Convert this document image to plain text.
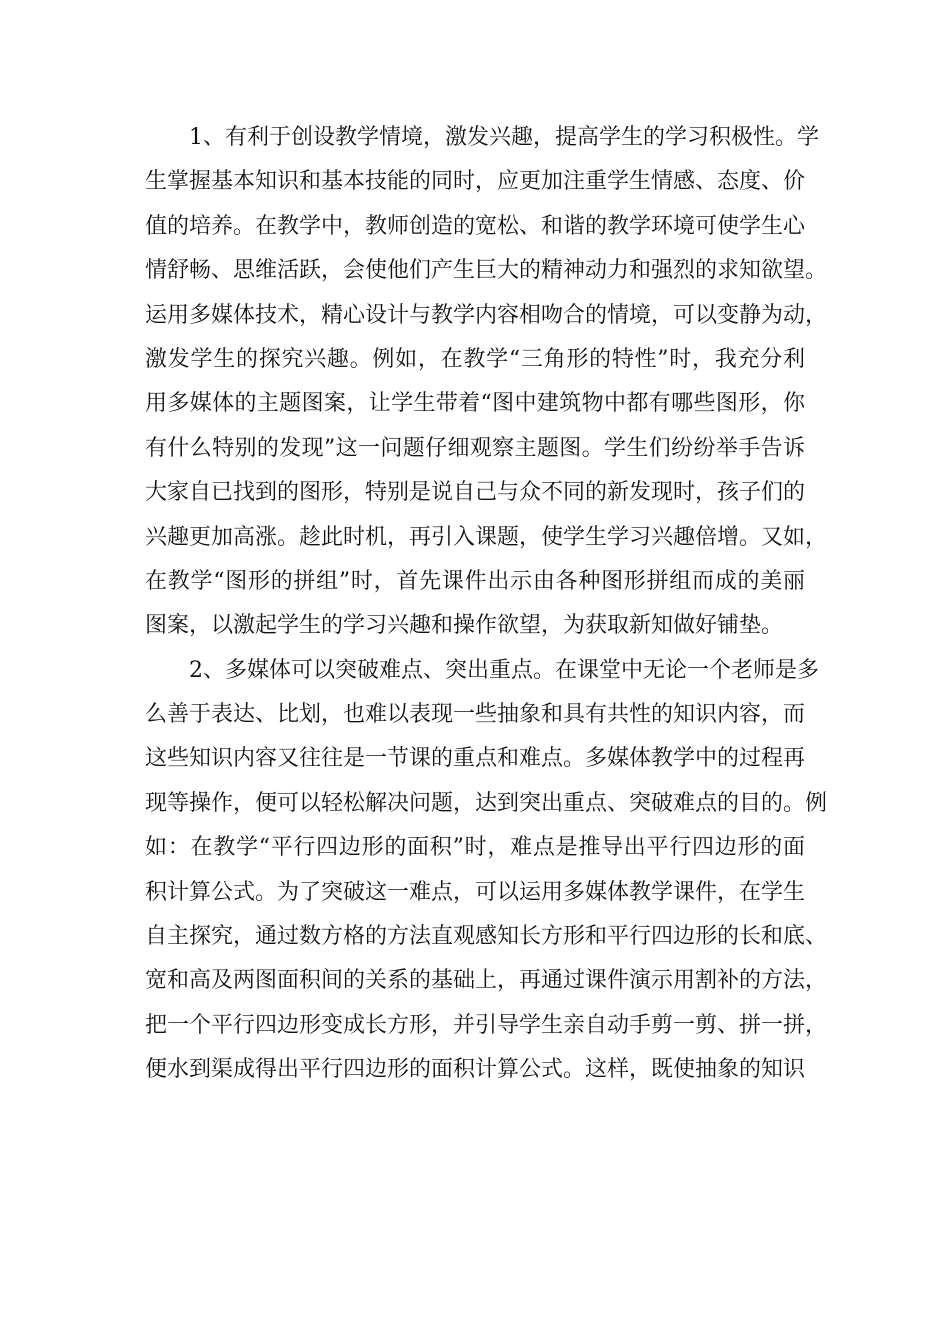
1、有利于创设教学情境，激发兴趣，提高学生的学习积极性。学
生掌握基本知识和基本技能的同时，应更加注重学生情感、态度、价
值的培养。在教学中，教师创造的宽松、和谐的教学环境可使学生心
情舒畅、思维活跃，会使他们产生巨大的精神动力和强烈的求知欲望。
运用多媒体技术，精心设计与教学内容相吻合的情境，可以变静为动，
激发学生的探究兴趣。例如，在教学“三角形的特性”时，我充分利
用多媒体的主题图案，让学生带着“图中建筑物中都有哪些图形，你
有什么特别的发现”这一问题仔细观察主题图。学生们纷纷举手告诉
大家自已找到的图形，特别是说自己与众不同的新发现时，孩子们的
兴趣更加高涨。趁此时机，再引入课题，使学生学习兴趣倍增。又如，
在教学“图形的拼组”时，首先课件出示由各种图形拼组而成的美丽
图案，以激起学生的学习兴趣和操作欲望，为获取新知做好铺垫。
2、多媒体可以突破难点、突出重点。在课堂中无论一个老师是多
么善于表达、比划，也难以表现一些抽象和具有共性的知识内容，而
这些知识内容又往往是一节课的重点和难点。多媒体教学中的过程再
现等操作，便可以轻松解决问题，达到突出重点、突破难点的目的。例
如：在教学“平行四边形的面积”时，难点是推导出平行四边形的面
积计算公式。为了突破这一难点，可以运用多媒体教学课件，在学生
自主探究，通过数方格的方法直观感知长方形和平行四边形的长和底、
宽和高及两图面积间的关系的基础上，再通过课件演示用割补的方法，
把一个平行四边形变成长方形，并引导学生亲自动手剪一剪、拼一拼，
便水到渠成得出平行四边形的面积计算公式。这样，既使抽象的知识
